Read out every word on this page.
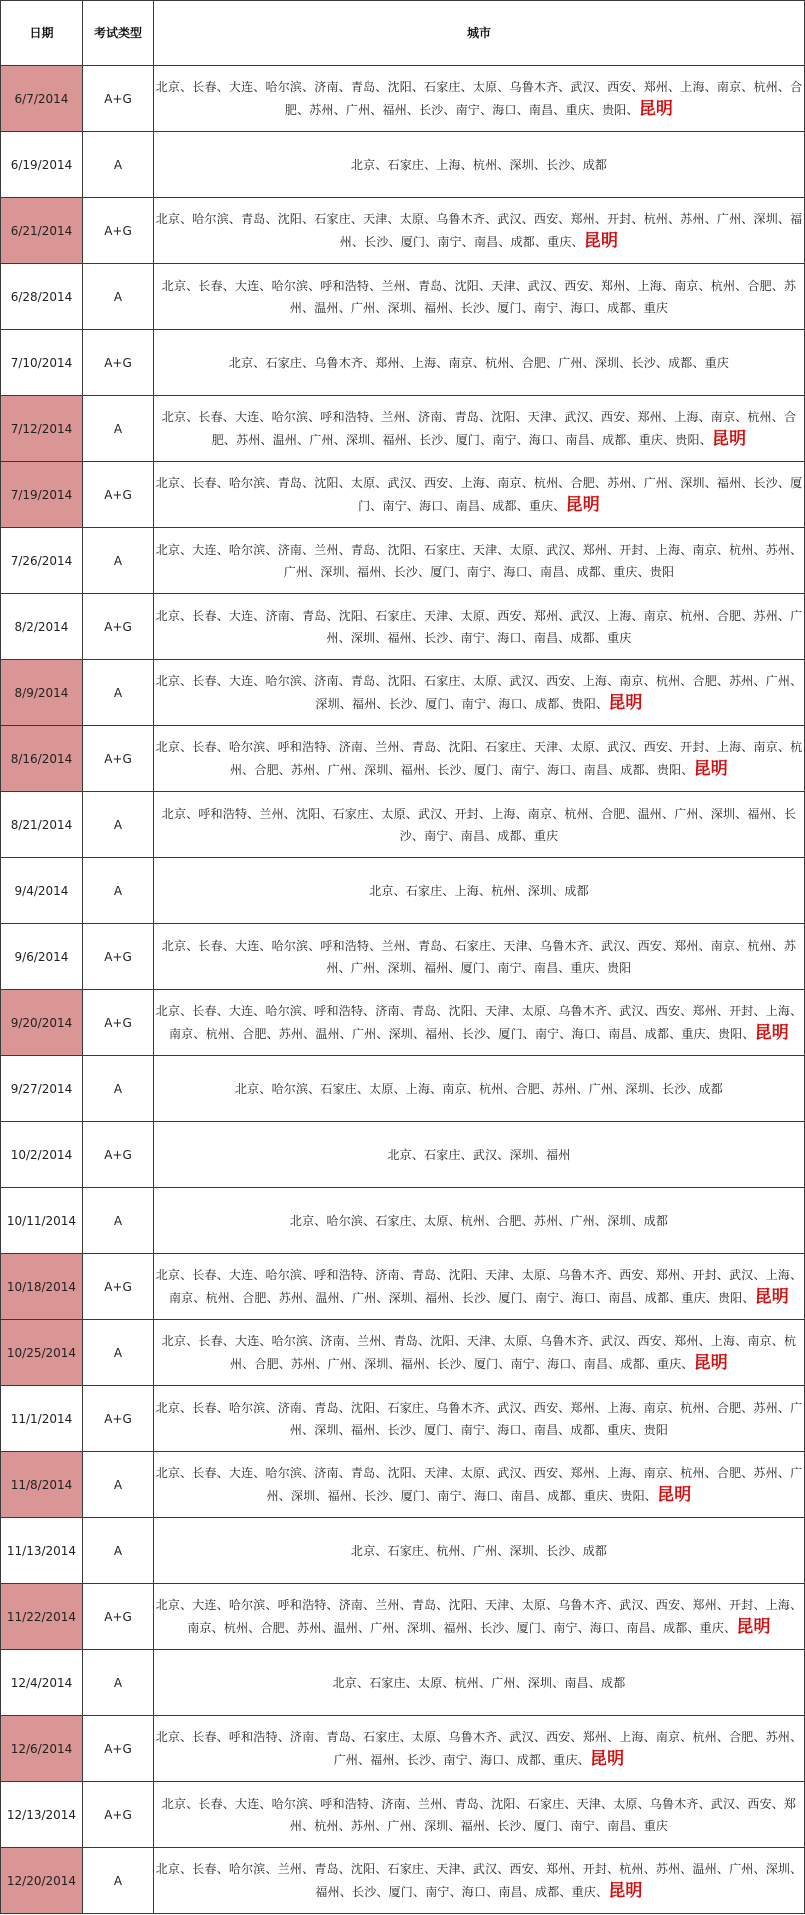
日期	考试类型	城市
6/7/2014	A+G	北京、长春、大连、哈尔滨、济南、青岛、沈阳、石家庄、太原、乌鲁木齐、武汉、西安、郑州、上海、南京、杭州、合肥、苏州、广州、福州、长沙、南宁、海口、南昌、重庆、贵阳、昆明
6/19/2014	A	北京、石家庄、上海、杭州、深圳、长沙、成都
6/21/2014	A+G	北京、哈尔滨、青岛、沈阳、石家庄、天津、太原、乌鲁木齐、武汉、西安、郑州、开封、杭州、苏州、广州、深圳、福州、长沙、厦门、南宁、南昌、成都、重庆、昆明
6/28/2014	A	北京、长春、大连、哈尔滨、呼和浩特、兰州、青岛、沈阳、天津、武汉、西安、郑州、上海、南京、杭州、合肥、苏州、温州、广州、深圳、福州、长沙、厦门、南宁、海口、成都、重庆
7/10/2014	A+G	北京、石家庄、乌鲁木齐、郑州、上海、南京、杭州、合肥、广州、深圳、长沙、成都、重庆
7/12/2014	A	北京、长春、大连、哈尔滨、呼和浩特、兰州、济南、青岛、沈阳、天津、武汉、西安、郑州、上海、南京、杭州、合肥、苏州、温州、广州、深圳、福州、长沙、厦门、南宁、海口、南昌、成都、重庆、贵阳、昆明
7/19/2014	A+G	北京、长春、哈尔滨、青岛、沈阳、太原、武汉、西安、上海、南京、杭州、合肥、苏州、广州、深圳、福州、长沙、厦门、南宁、海口、南昌、成都、重庆、昆明
7/26/2014	A	北京、大连、哈尔滨、济南、兰州、青岛、沈阳、石家庄、天津、太原、武汉、郑州、开封、上海、南京、杭州、苏州、广州、深圳、福州、长沙、厦门、南宁、海口、南昌、成都、重庆、贵阳
8/2/2014	A+G	北京、长春、大连、济南、青岛、沈阳、石家庄、天津、太原、西安、郑州、武汉、上海、南京、杭州、合肥、苏州、广州、深圳、福州、长沙、南宁、海口、南昌、成都、重庆
8/9/2014	A	北京、长春、大连、哈尔滨、济南、青岛、沈阳、石家庄、太原、武汉、西安、上海、南京、杭州、合肥、苏州、广州、深圳、福州、长沙、厦门、南宁、海口、成都、贵阳、昆明
8/16/2014	A+G	北京、长春、哈尔滨、呼和浩特、济南、兰州、青岛、沈阳、石家庄、天津、太原、武汉、西安、开封、上海、南京、杭州、合肥、苏州、广州、深圳、福州、长沙、厦门、南宁、海口、南昌、成都、贵阳、昆明
8/21/2014	A	北京、呼和浩特、兰州、沈阳、石家庄、太原、武汉、开封、上海、南京、杭州、合肥、温州、广州、深圳、福州、长沙、南宁、南昌、成都、重庆
9/4/2014	A	北京、石家庄、上海、杭州、深圳、成都
9/6/2014	A+G	北京、长春、大连、哈尔滨、呼和浩特、兰州、青岛、石家庄、天津、乌鲁木齐、武汉、西安、郑州、南京、杭州、苏州、广州、深圳、福州、厦门、南宁、南昌、重庆、贵阳
9/20/2014	A+G	北京、长春、大连、哈尔滨、呼和浩特、济南、青岛、沈阳、天津、太原、乌鲁木齐、武汉、西安、郑州、开封、上海、南京、杭州、合肥、苏州、温州、广州、深圳、福州、长沙、厦门、南宁、海口、南昌、成都、重庆、贵阳、昆明
9/27/2014	A	北京、哈尔滨、石家庄、太原、上海、南京、杭州、合肥、苏州、广州、深圳、长沙、成都
10/2/2014	A+G	北京、石家庄、武汉、深圳、福州
10/11/2014	A	北京、哈尔滨、石家庄、太原、杭州、合肥、苏州、广州、深圳、成都
10/18/2014	A+G	北京、长春、大连、哈尔滨、呼和浩特、济南、青岛、沈阳、天津、太原、乌鲁木齐、西安、郑州、开封、武汉、上海、南京、杭州、合肥、苏州、温州、广州、深圳、福州、长沙、厦门、南宁、海口、南昌、成都、重庆、贵阳、昆明
10/25/2014	A	北京、长春、大连、哈尔滨、济南、兰州、青岛、沈阳、天津、太原、乌鲁木齐、武汉、西安、郑州、上海、南京、杭州、合肥、苏州、广州、深圳、福州、长沙、厦门、南宁、海口、南昌、成都、重庆、昆明
11/1/2014	A+G	北京、长春、哈尔滨、济南、青岛、沈阳、石家庄、乌鲁木齐、武汉、西安、郑州、上海、南京、杭州、合肥、苏州、广州、深圳、福州、长沙、厦门、南宁、海口、南昌、成都、重庆、贵阳
11/8/2014	A	北京、长春、大连、哈尔滨、济南、青岛、沈阳、天津、太原、武汉、西安、郑州、上海、南京、杭州、合肥、苏州、广州、深圳、福州、长沙、厦门、南宁、海口、南昌、成都、重庆、贵阳、昆明
11/13/2014	A	北京、石家庄、杭州、广州、深圳、长沙、成都
11/22/2014	A+G	北京、大连、哈尔滨、呼和浩特、济南、兰州、青岛、沈阳、天津、太原、乌鲁木齐、武汉、西安、郑州、开封、上海、南京、杭州、合肥、苏州、温州、广州、深圳、福州、长沙、厦门、南宁、海口、南昌、成都、重庆、昆明
12/4/2014	A	北京、石家庄、太原、杭州、广州、深圳、南昌、成都
12/6/2014	A+G	北京、长春、呼和浩特、济南、青岛、石家庄、太原、乌鲁木齐、武汉、西安、郑州、上海、南京、杭州、合肥、苏州、广州、福州、长沙、南宁、海口、成都、重庆、昆明
12/13/2014	A+G	北京、长春、大连、哈尔滨、呼和浩特、济南、兰州、青岛、沈阳、石家庄、天津、太原、乌鲁木齐、武汉、西安、郑州、杭州、苏州、广州、深圳、福州、长沙、厦门、南宁、南昌、重庆
12/20/2014	A	北京、长春、哈尔滨、兰州、青岛、沈阳、石家庄、天津、武汉、西安、郑州、开封、杭州、苏州、温州、广州、深圳、福州、长沙、厦门、南宁、海口、南昌、成都、重庆、昆明
